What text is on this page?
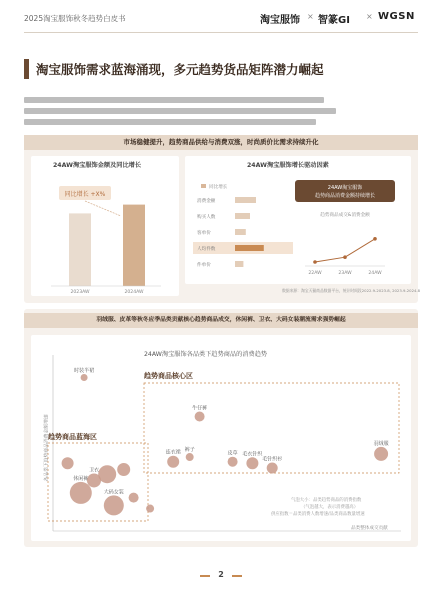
2025淘宝服饰秋冬趋势白皮书	淘宝服饰 × 智篆GI × WGSN
淘宝服饰需求蓝海涌现，多元趋势货品矩阵潜力崛起
市场稳健提升，趋势商品供给与消费双涨，时尚质价比需求持续升化
24AW淘宝服饰金额及同比增长
同比增长 +X%
2023AW	2024AW
24AW淘宝服饰增长驱动因素
同比增长
消费金额
购买人数
客单价
人均件数
件单价
24AW淘宝服饰
趋势商品消费金额持续增长
趋势商品成交&消费金额
22AW	23AW	24AW
数据来源：淘宝天猫商品数据平台，统计时间段2022.9-2023.8, 2023.9-2024.8
羽绒服、皮革等秋冬应季品类贡献核心趋势商品成交，休闲裤、卫衣、大码女装潮流需求强势崛起
24AW淘宝服饰各品类下趋势商品的消费趋势
各品类下趋势商品消费金额增速
品类整体成交贡献
趋势商品核心区
趋势商品蓝海区
时装半裙
牛仔裤
裤子
连衣裙	皮草 毛衣针织
毛针织衫
羽绒服
卫衣
休闲裤
大码女装
气泡大小：品类趋势商品的消费指数
（气泡越大，表示消费越高）
供应指数＝品类消费人数增速/品类商品数量增速
2
